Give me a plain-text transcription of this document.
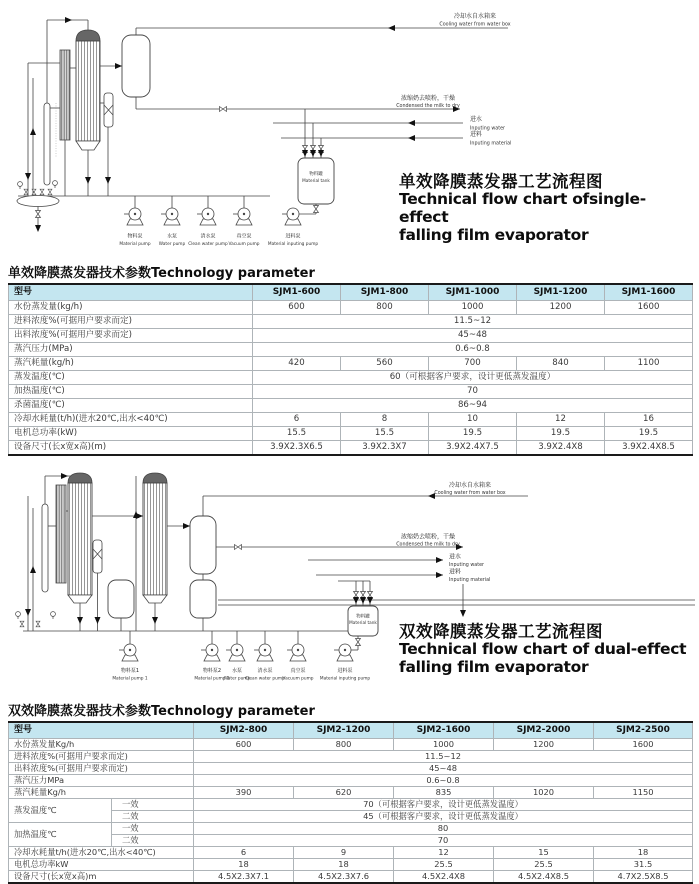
冷却水自水箱来
Cooling water from water box
浓缩奶去喷粉，干燥
Condensed the milk to dry
进水
Inputing water
进料
Inputing material
物料罐
Material tank
物料泵
Material pump
水泵
Water pump
清水泵
Clean water pump
真空泵
Vacuum pump
进料泵
Material inputing pump
单效降膜蒸发器工艺流程图
Technical flow chart ofsingle-effect
falling film evaporator
单效降膜蒸发器技术参数Technology parameter
型号	SJM1-600	SJM1-800	SJM1-1000	SJM1-1200	SJM1-1600
水份蒸发量(kg/h)	600	800	1000	1200	1600
进料浓度%(可据用户要求而定)	11.5~12				
出料浓度%(可据用户要求而定)	45~48				
蒸汽压力(MPa)	0.6~0.8				
蒸汽耗量(kg/h)	420	560	700	840	1100
蒸发温度(℃)	60（可根据客户要求，设计更低蒸发温度）				
加热温度(℃)	70				
杀菌温度(℃)	86~94				
冷却水耗量(t/h)(进水20℃,出水<40℃)	6	8	10	12	16
电机总功率(kW)	15.5	15.5	19.5	19.5	19.5
设备尺寸(长x宽x高)(m)	3.9X2.3X6.5	3.9X2.3X7	3.9X2.4X7.5	3.9X2.4X8	3.9X2.4X8.5
冷却水自水箱来
Cooling water from water box
浓缩奶去喷粉，干燥
Condensed the milk to dry
进水
Inputing water
进料
Inputing material
物料罐
Material tank
物料泵1
Material pump 1
物料泵2
Material pump 2
水泵
Water pump
清水泵
Clean water pump
真空泵
Vacuum pump
进料泵
Material inputing pump
双效降膜蒸发器工艺流程图
Technical flow chart of dual-effect
falling film evaporator
双效降膜蒸发器技术参数Technology parameter
型号		SJM2-800	SJM2-1200	SJM2-1600	SJM2-2000	SJM2-2500
水份蒸发量Kg/h		600	800	1000	1200	1600
进料浓度%(可据用户要求而定)		11.5~12				
出料浓度%(可据用户要求而定)		45~48				
蒸汽压力MPa		0.6~0.8				
蒸汽耗量Kg/h		390	620	835	1020	1150
蒸发温度℃	一效	70（可根据客户要求，设计更低蒸发温度）				
	二效	45（可根据客户要求，设计更低蒸发温度）				
加热温度℃	一效	80				
	二效	70				
冷却水耗量t/h(进水20℃,出水<40℃)		6	9	12	15	18
电机总功率kW		18	18	25.5	25.5	31.5
设备尺寸(长x宽x高)m		4.5X2.3X7.1	4.5X2.3X7.6	4.5X2.4X8	4.5X2.4X8.5	4.7X2.5X8.5
